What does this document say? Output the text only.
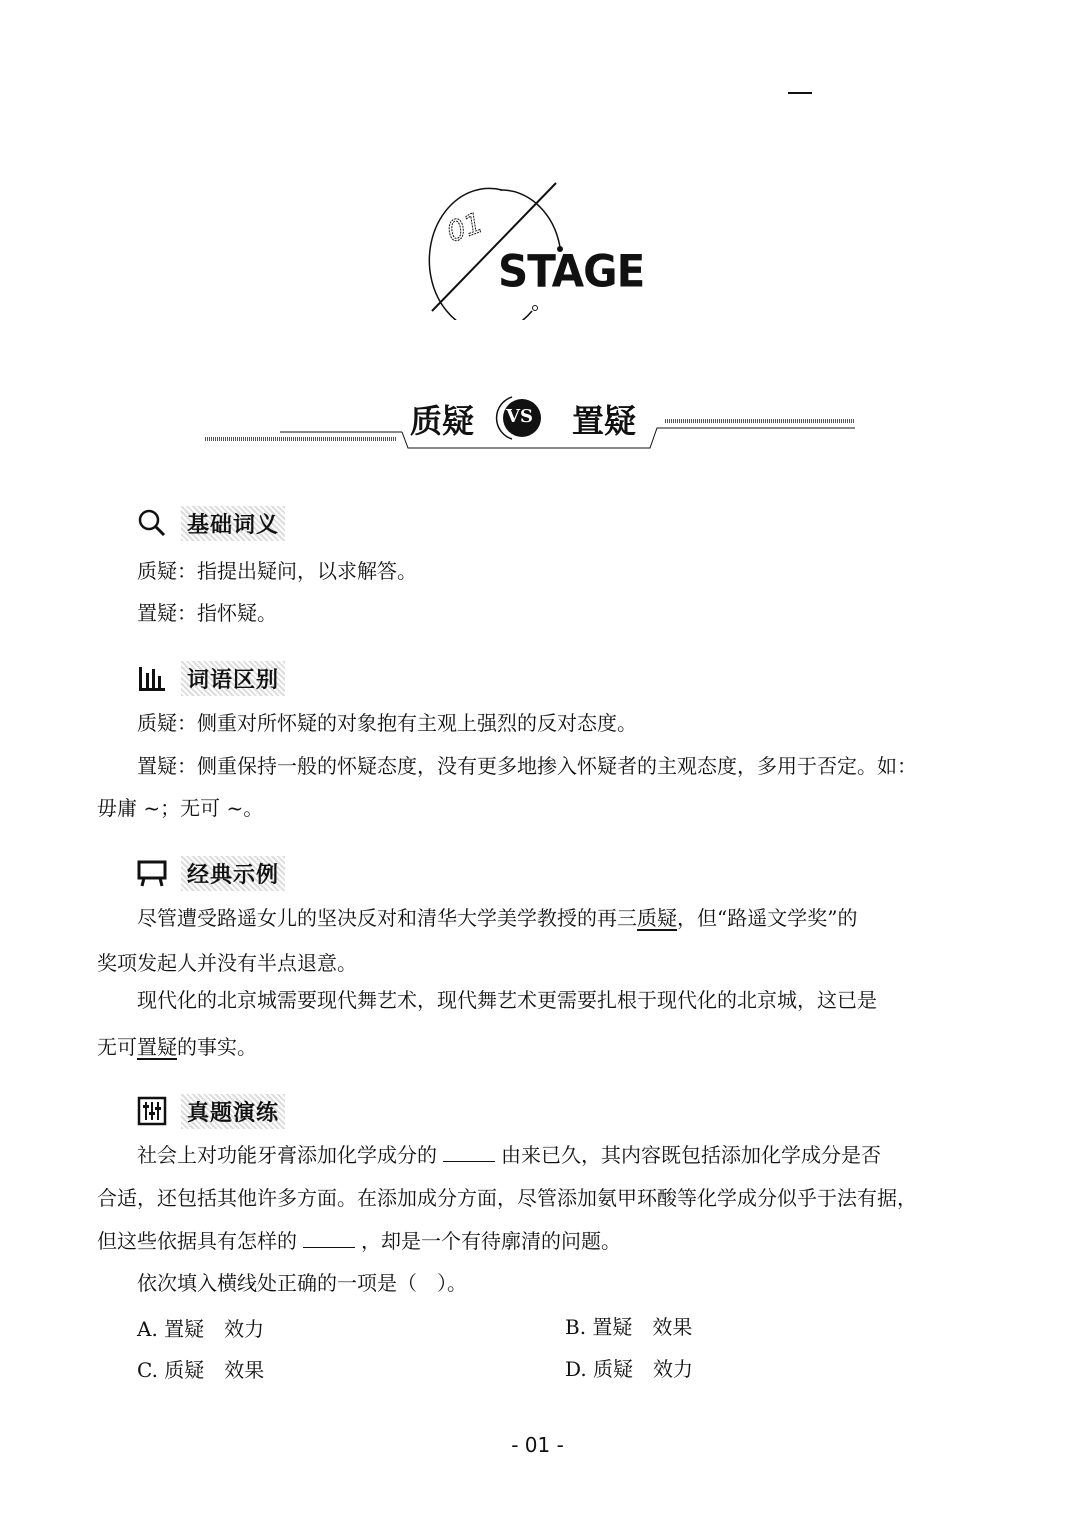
01
STAGE
质疑 VS 置疑
基础词义
质疑：指提出疑问，以求解答。
置疑：指怀疑。
词语区别
质疑：侧重对所怀疑的对象抱有主观上强烈的反对态度。
置疑：侧重保持一般的怀疑态度，没有更多地掺入怀疑者的主观态度，多用于否定。如：
毋庸 ~；无可 ~。
经典示例
尽管遭受路遥女儿的坚决反对和清华大学美学教授的再三质疑，但“路遥文学奖”的
奖项发起人并没有半点退意。
现代化的北京城需要现代舞艺术，现代舞艺术更需要扎根于现代化的北京城，这已是
无可置疑的事实。
真题演练
社会上对功能牙膏添加化学成分的	由来已久，其内容既包括添加化学成分是否
合适，还包括其他许多方面。在添加成分方面，尽管添加氨甲环酸等化学成分似乎于法有据，
但这些依据具有怎样的	，却是一个有待廓清的问题。
依次填入横线处正确的一项是（　）。
A. 置疑　效力	B. 置疑　效果
C. 质疑　效果	D. 质疑　效力
- 01 -
